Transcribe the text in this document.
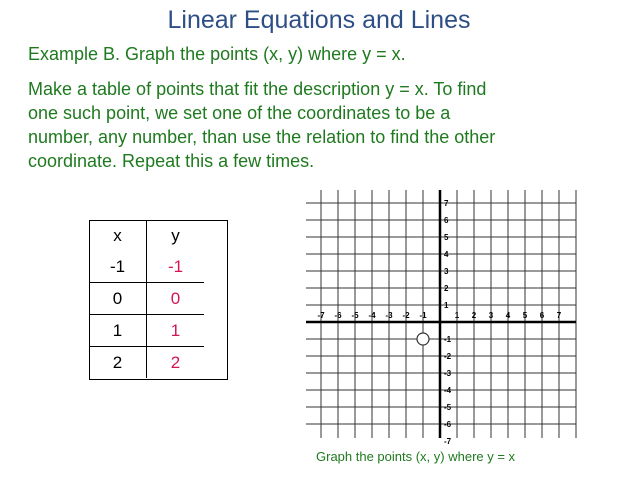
Linear Equations and Lines
Example B. Graph the points (x, y) where y = x.
Make a table of points that fit the description y = x. To find
one such point, we set one of the coordinates to be a
number, any number, than use the relation to find the other
coordinate. Repeat this a few times.
x	y
-1	-1
0	0
1	1
2	2
-7 -6 -5 -4 -3 -2 -1	1 2 3 4 5 6 7
7
6
5
4
3
2
1
-1
-2
-3
-4
-5
-6
-7
Graph the points (x, y) where y = x
